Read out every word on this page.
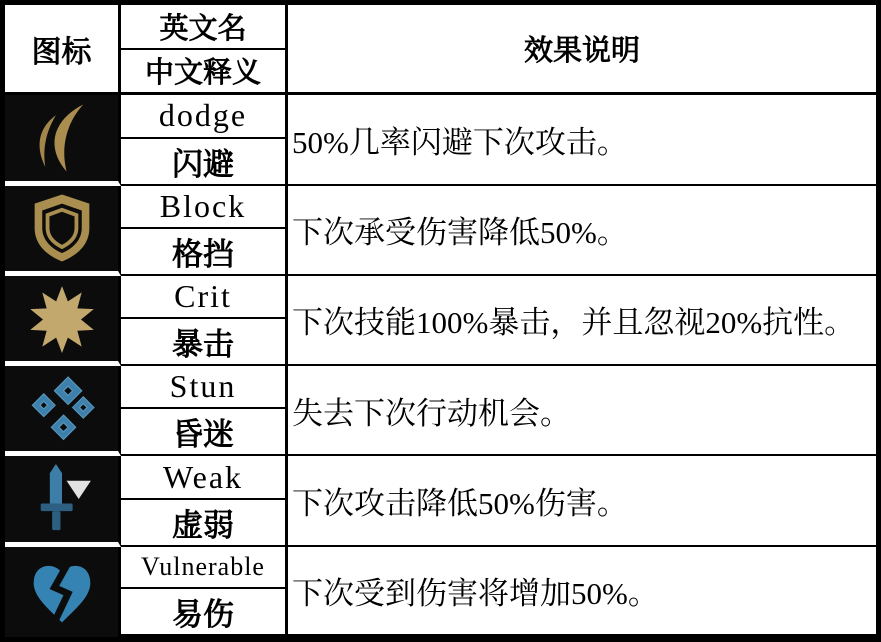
图标
英文名
中文释义
效果说明
dodge
闪避
50%几率闪避下次攻击。
Block
格挡
下次承受伤害降低50%。
Crit
暴击
下次技能100%暴击，并且忽视20%抗性。
Stun
昏迷
失去下次行动机会。
Weak
虚弱
下次攻击降低50%伤害。
Vulnerable
易伤
下次受到伤害将增加50%。
